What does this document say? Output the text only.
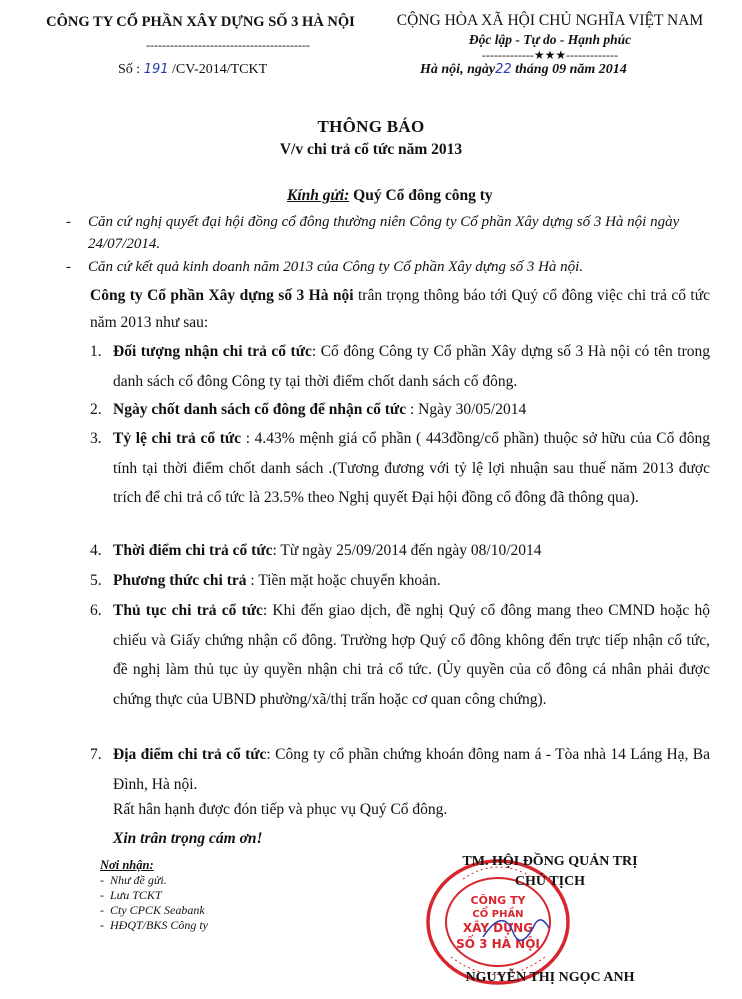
CÔNG TY CỔ PHẦN XÂY DỰNG SỐ 3 HÀ NỘI
-----------------------------------------
CỘNG HÒA XÃ HỘI CHỦ NGHĨA VIỆT NAM
Độc lập - Tự do - Hạnh phúc
-------------★★★-------------
Số : 191 /CV-2014/TCKT	Hà nội, ngày22 tháng 09 năm 2014
THÔNG BÁO
V/v chi trả cổ tức năm 2013
Kính gửi: Quý Cổ đông công ty
-	Căn cứ nghị quyết đại hội đồng cổ đông thường niên Công ty Cổ phần Xây dựng số 3 Hà nội ngày 24/07/2014.
-	Căn cứ kết quả kinh doanh năm 2013 của Công ty Cổ phần Xây dựng số 3 Hà nội.
Công ty Cổ phần Xây dựng số 3 Hà nội trân trọng thông báo tới Quý cổ đông việc chi trả cổ tức năm 2013 như sau:
1. Đối tượng nhận chi trả cổ tức: Cổ đông Công ty Cổ phần Xây dựng số 3 Hà nội có tên trong danh sách cổ đông Công ty tại thời điểm chốt danh sách cổ đông.
2. Ngày chốt danh sách cổ đông để nhận cổ tức : Ngày 30/05/2014
3. Tỷ lệ chi trả cổ tức : 4.43% mệnh giá cổ phần ( 443đồng/cổ phần) thuộc sở hữu của Cổ đông tính tại thời điểm chốt danh sách .(Tương đương với tỷ lệ lợi nhuận sau thuế năm 2013 được trích để chi trả cổ tức là 23.5% theo Nghị quyết Đại hội đồng cổ đông đã thông qua).
4. Thời điểm chi trả cổ tức: Từ ngày 25/09/2014 đến ngày 08/10/2014
5. Phương thức chi trả : Tiền mặt hoặc chuyển khoản.
6. Thủ tục chi trả cổ tức: Khi đến giao dịch, đề nghị Quý cổ đông mang theo CMND hoặc hộ chiếu và Giấy chứng nhận cổ đông. Trường hợp Quý cổ đông không đến trực tiếp nhận cổ tức, đề nghị làm thủ tục ủy quyền nhận chi trả cổ tức. (Ủy quyền của cổ đông cá nhân phải được chứng thực của UBND phường/xã/thị trấn hoặc cơ quan công chứng).
7. Địa điểm chi trả cổ tức: Công ty cổ phần chứng khoán đông nam á - Tòa nhà 14 Láng Hạ, Ba Đình, Hà nội.
Rất hân hạnh được đón tiếp và phục vụ Quý Cổ đông.
Xin trân trọng cám ơn!
Nơi nhận:
-  Như đề gửi.
-  Lưu TCKT
-  Cty CPCK Seabank
-  HĐQT/BKS Công ty
CÔNG TY
CỔ PHẦN
XÂY DỰNG
SỐ 3 HÀ NỘI
TM. HỘI ĐỒNG QUẢN TRỊ
CHỦ TỊCH
NGUYỄN THỊ NGỌC ANH
